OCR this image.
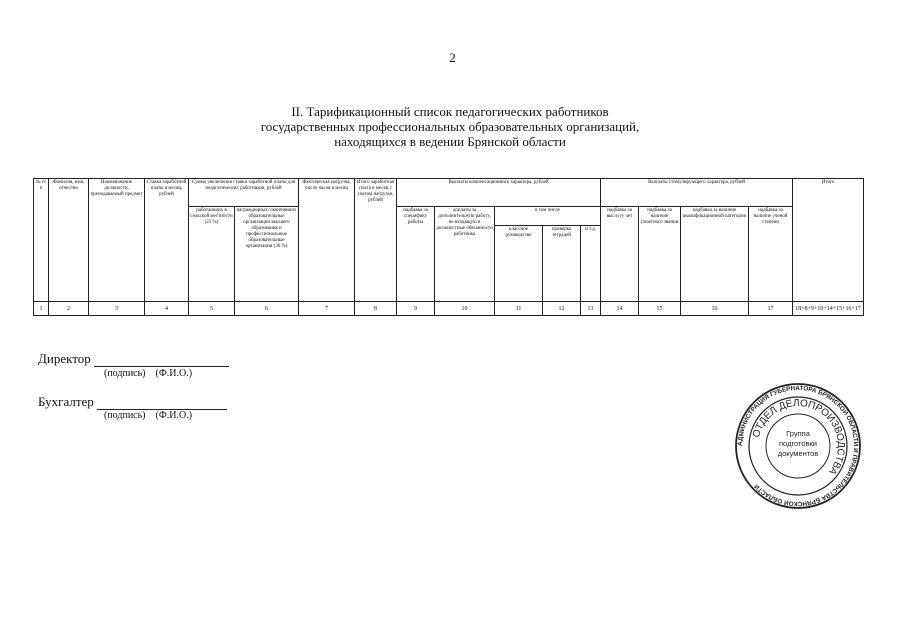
2
II. Тарификационный список педагогических работников
государственных профессиональных образовательных организаций,
находящихся в ведении Брянской области
№ п/п	Фамилия, имя, отчество	Наименование должности, преподаваемый предмет	Ставка заработной платы в месяц, рублей	Сумма увеличения ставки заработной платы для педагогических работников, рублей		Фактическая нагрузка, число часов в месяц	Итого заработная плата в месяц с учетом нагрузки, рублей	Выплаты компенсационного характера, рублей					Выплаты стимулирующего характера, рублей				Итого
				работающих в сельской местности (25 %)	награжденных, окончивших образовательные организации высшего образования и профессиональные образовательные организации (30 %)			надбавка за специфику работы	доплаты за дополнительную работу, не входящую в должностные обязанности работника	в том числе			надбавка за выслугу лет	надбавка за наличие почетного звания	надбавка за наличие квалификационной категории	надбавка за наличие ученой степени	
										классное руководство	проверка тетрадей	и т.д.					
1	2	3	4	5	6	7	8	9	10	11	12	13	14	15	16	17	18=8+9+10+14+15+16+17
Директор
(подпись) (Ф.И.О.)
Бухгалтер
(подпись) (Ф.И.О.)
АДМИНИСТРАЦИЯ ГУБЕРНАТОРА БРЯНСКОЙ ОБЛАСТИ И ПРАВИТЕЛЬСТВА БРЯНСКОЙ ОБЛАСТИ
ОТДЕЛ ДЕЛОПРОИЗВОДСТВА
Группа
подготовки
документов
